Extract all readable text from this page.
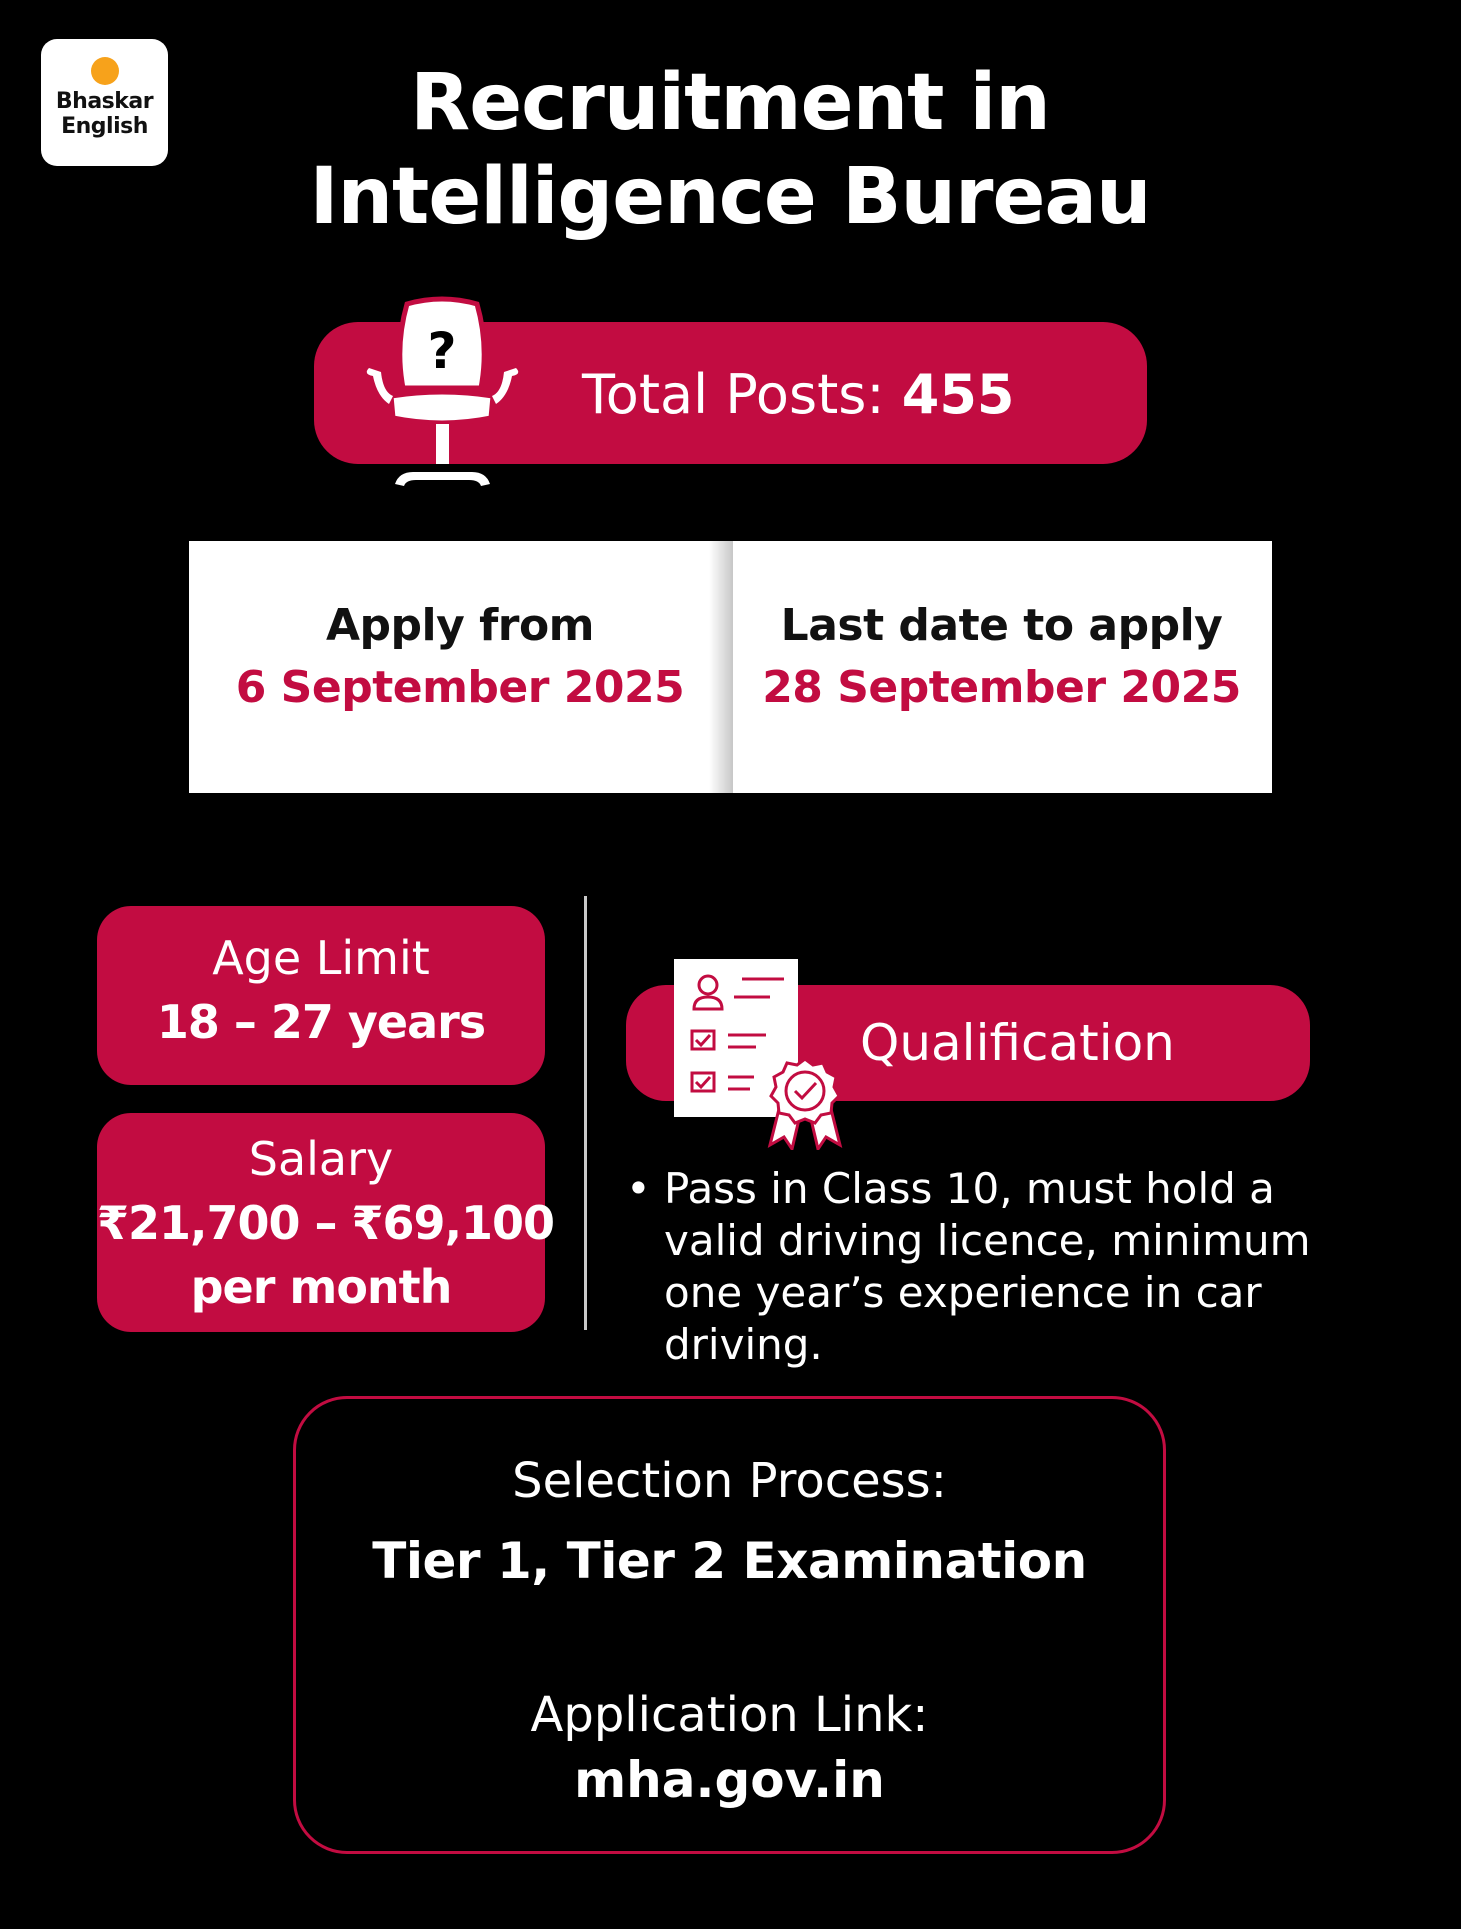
Bhaskar
English	Recruitment in
Intelligence Bureau
Total Posts: 455
?
Apply from
6 September 2025
Last date to apply
28 September 2025
Age Limit
18 – 27 years
Salary
₹21,700 – ₹69,100
per month
Qualification
• Pass in Class 10, must hold a valid driving licence, minimum one year’s experience in car driving.
Selection Process:
Tier 1, Tier 2 Examination
Application Link:
mha.gov.in
